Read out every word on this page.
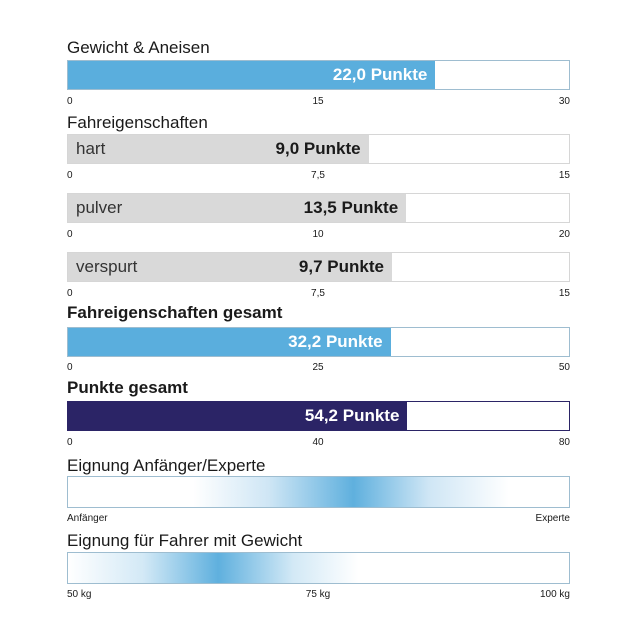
Gewicht & Aneisen
22,0 Punkte
0	15	30
Fahreigenschaften
hart	9,0 Punkte
0	7,5	15
pulver	13,5 Punkte
0	10	20
verspurt	9,7 Punkte
0	7,5	15
Fahreigenschaften gesamt
32,2 Punkte
0	25	50
Punkte gesamt
54,2 Punkte
0	40	80
Eignung Anfänger/Experte
Anfänger	Experte
Eignung für Fahrer mit Gewicht
50 kg	75 kg	100 kg
